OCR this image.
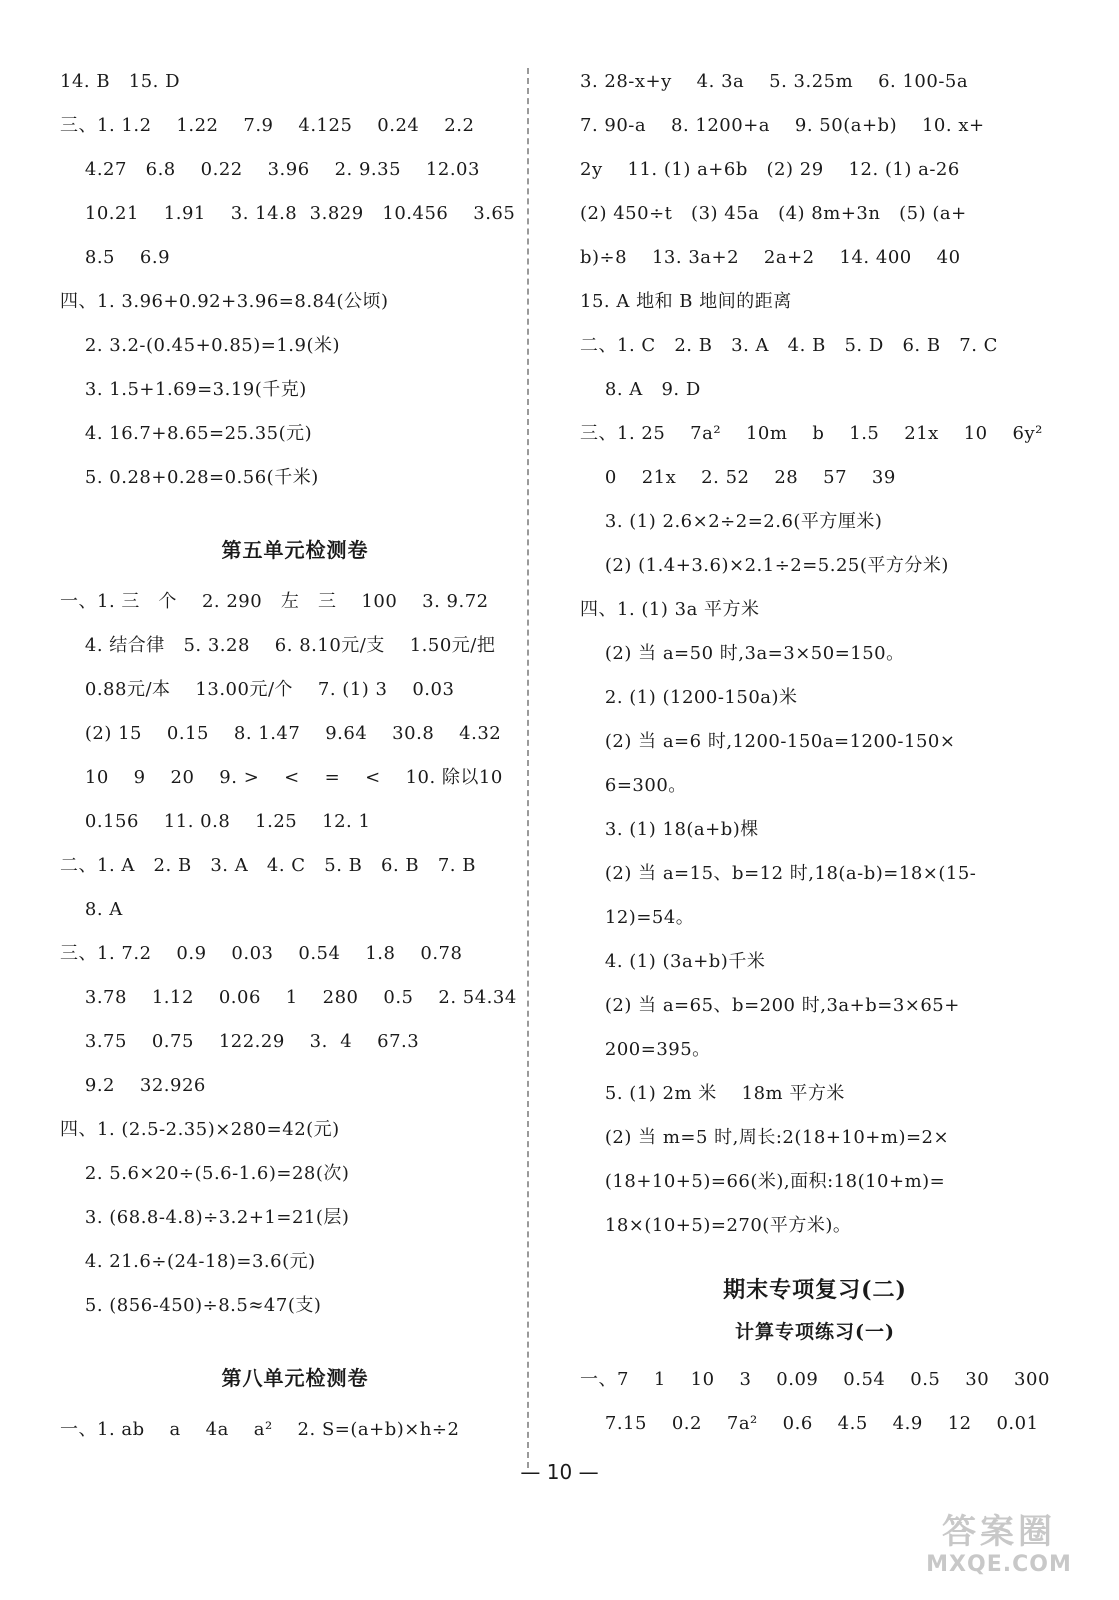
14. B   15. D
三、1. 1.2    1.22    7.9    4.125    0.24    2.2
4.27   6.8    0.22    3.96    2. 9.35    12.03
10.21    1.91    3. 14.8  3.829   10.456    3.65
8.5    6.9
四、1. 3.96+0.92+3.96=8.84(公顷)
2. 3.2-(0.45+0.85)=1.9(米)
3. 1.5+1.69=3.19(千克)
4. 16.7+8.65=25.35(元)
5. 0.28+0.28=0.56(千米)
第五单元检测卷
一、1. 三   个    2. 290   左   三    100    3. 9.72
4. 结合律   5. 3.28    6. 8.10元/支    1.50元/把
0.88元/本    13.00元/个    7. (1) 3    0.03
(2) 15    0.15    8. 1.47    9.64    30.8    4.32
10    9    20    9. >    <    =    <    10. 除以10
0.156    11. 0.8    1.25    12. 1
二、1. A   2. B   3. A   4. C   5. B   6. B   7. B
8. A
三、1. 7.2    0.9    0.03    0.54    1.8    0.78
3.78    1.12    0.06    1    280    0.5    2. 54.34
3.75    0.75    122.29    3.  4    67.3
9.2    32.926
四、1. (2.5-2.35)×280=42(元)
2. 5.6×20÷(5.6-1.6)=28(次)
3. (68.8-4.8)÷3.2+1=21(层)
4. 21.6÷(24-18)=3.6(元)
5. (856-450)÷8.5≈47(支)
第八单元检测卷
一、1. ab    a    4a    a²    2. S=(a+b)×h÷2
3. 28-x+y    4. 3a    5. 3.25m    6. 100-5a
7. 90-a    8. 1200+a    9. 50(a+b)    10. x+
2y    11. (1) a+6b   (2) 29    12. (1) a-26
(2) 450÷t   (3) 45a   (4) 8m+3n   (5) (a+
b)÷8    13. 3a+2    2a+2    14. 400    40
15. A 地和 B 地间的距离
二、1. C   2. B   3. A   4. B   5. D   6. B   7. C
8. A   9. D
三、1. 25    7a²    10m    b    1.5    21x    10    6y²
0    21x    2. 52    28    57    39
3. (1) 2.6×2÷2=2.6(平方厘米)
(2) (1.4+3.6)×2.1÷2=5.25(平方分米)
四、1. (1) 3a 平方米
(2) 当 a=50 时,3a=3×50=150。
2. (1) (1200-150a)米
(2) 当 a=6 时,1200-150a=1200-150×
6=300。
3. (1) 18(a+b)棵
(2) 当 a=15、b=12 时,18(a-b)=18×(15-
12)=54。
4. (1) (3a+b)千米
(2) 当 a=65、b=200 时,3a+b=3×65+
200=395。
5. (1) 2m 米    18m 平方米
(2) 当 m=5 时,周长:2(18+10+m)=2×
(18+10+5)=66(米),面积:18(10+m)=
18×(10+5)=270(平方米)。
期末专项复习(二)
计算专项练习(一)
一、7    1    10    3    0.09    0.54    0.5    30    300
7.15    0.2    7a²    0.6    4.5    4.9    12    0.01
— 10 —
答案圈
MXQE.COM
